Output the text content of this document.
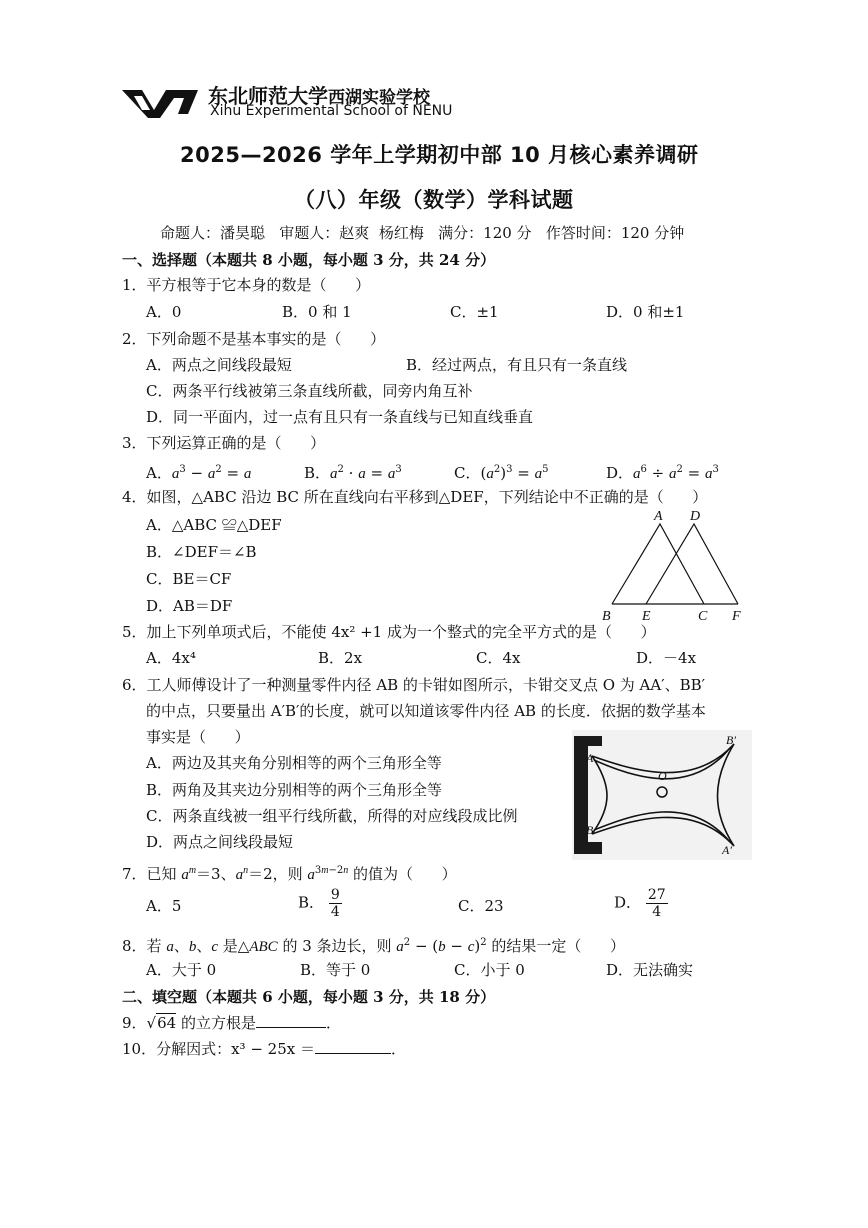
东北师范大学西湖实验学校
Xihu Experimental School of NENU
2025—2026 学年上学期初中部 10 月核心素养调研
（八）年级（数学）学科试题
命题人：潘昊聪   审题人：赵爽  杨红梅   满分：120 分   作答时间：120 分钟
一、选择题（本题共 8 小题，每小题 3 分，共 24 分）
1．平方根等于它本身的数是（      ）
A．0	B．0 和 1	C．±1	D．0 和±1
2．下列命题不是基本事实的是（      ）
A．两点之间线段最短	B．经过两点，有且只有一条直线
C．两条平行线被第三条直线所截，同旁内角互补
D．同一平面内，过一点有且只有一条直线与已知直线垂直
3．下列运算正确的是（      ）
A．$a^3 - a^2 = a$	B．$a^2 \cdot a = a^3$	C．$(a^2)^3 = a^5$	D．$a^6 \div a^2 = a^3$
4．如图，△ABC 沿边 BC 所在直线向右平移到△DEF，下列结论中不正确的是（      ）
A．△ABC ≌△DEF
B．∠DEF＝∠B
C．BE＝CF
D．AB＝DF
A D
B E	C F
5．加上下列单项式后，不能使 4x² +1 成为一个整式的完全平方式的是（      ）
A．4x⁴	B．2x	C．4x	D．－4x
6．工人师傅设计了一种测量零件内径 AB 的卡钳如图所示，卡钳交叉点 O 为 AA′、BB′
的中点，只要量出 A′B′的长度，就可以知道该零件内径 AB 的长度．依据的数学基本
事实是（      ）
A．两边及其夹角分别相等的两个三角形全等
B．两角及其夹边分别相等的两个三角形全等
C．两条直线被一组平行线所截，所得的对应线段成比例
D．两点之间线段最短
A
B
O
B′
A′
7．已知 $a^m=3$、$a^n=2$，则 $a^{3m-2n}$ 的值为（      ）
A．5	B． $\frac{9}{4}$	C．23	D． $\frac{27}{4}$
8．若 a、b、c 是△ABC 的 3 条边长，则 $a^2 - (b - c)^2$ 的结果一定（      ）
A．大于 0	B．等于 0	C．小于 0	D．无法确实
二、填空题（本题共 6 小题，每小题 3 分，共 18 分）
9．√64 的立方根是	．
10．分解因式：x³ − 25x ＝	．
